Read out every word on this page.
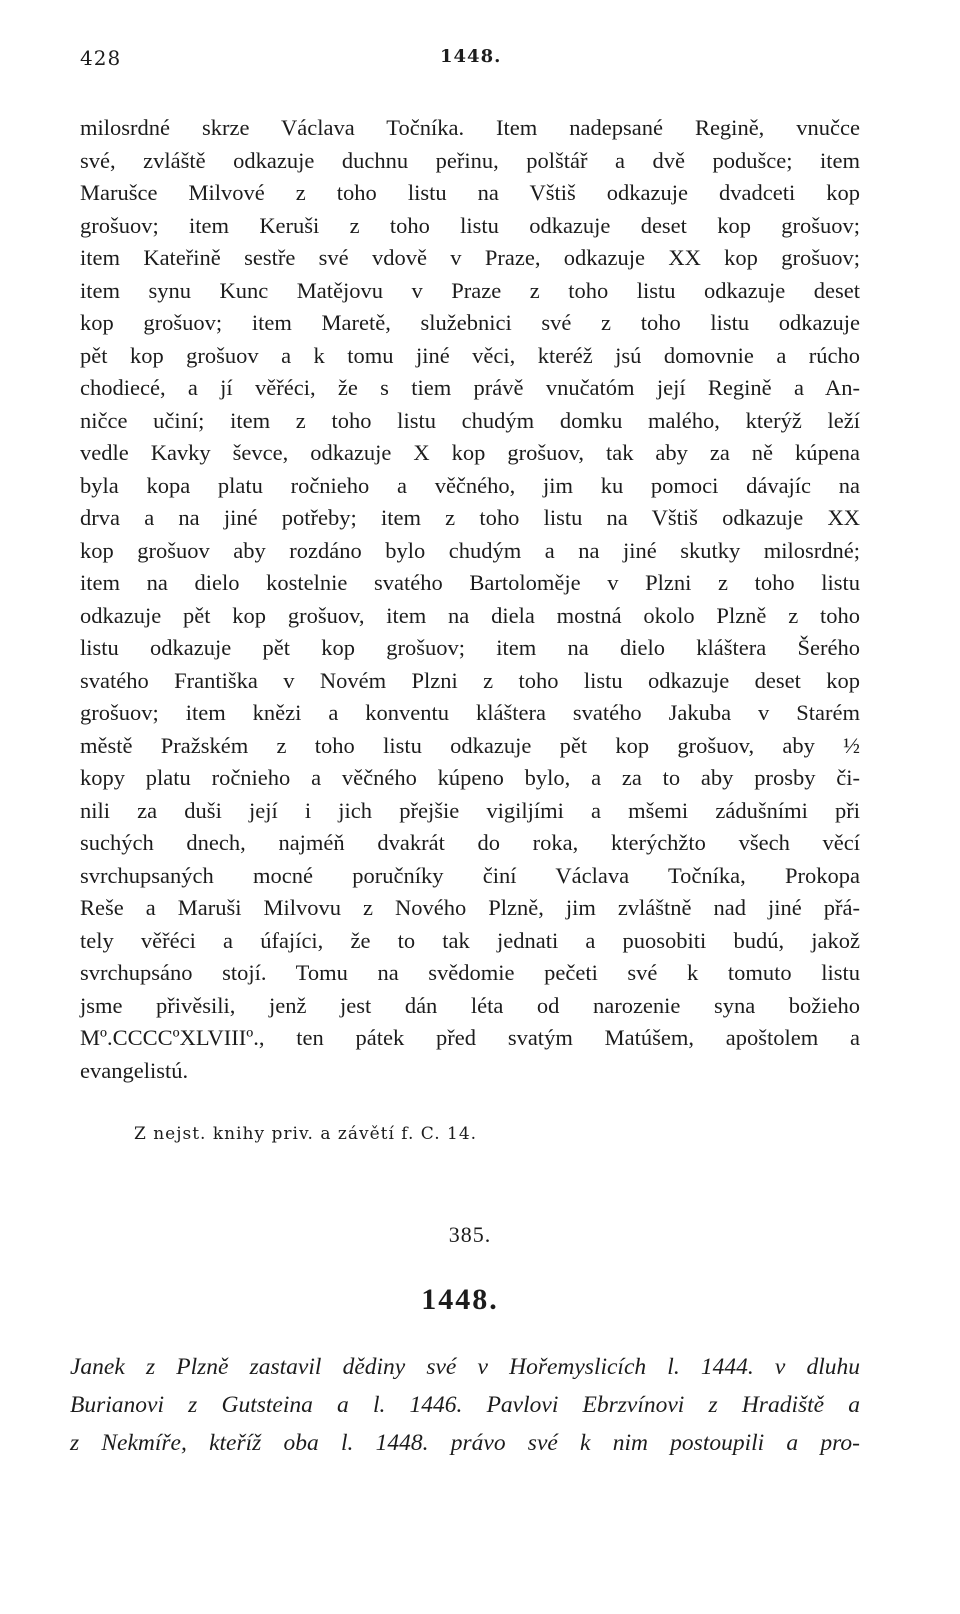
428	1448.
milosrdné skrze Václava Točníka. Item nadepsané Regině, vnučce
své, zvláště odkazuje duchnu peřinu, polštář a dvě podušce; item
Marušce Milvové z toho listu na Vštiš odkazuje dvadceti kop
grošuov; item Keruši z toho listu odkazuje deset kop grošuov;
item Kateřině sestře své vdově v Praze, odkazuje XX kop grošuov;
item synu Kunc Matějovu v Praze z toho listu odkazuje deset
kop grošuov; item Maretě, služebnici své z toho listu odkazuje
pět kop grošuov a k tomu jiné věci, kteréž jsú domovnie a rúcho
chodiecé, a jí věřéci, že s tiem právě vnučatóm její Regině a An-
ničce učiní; item z toho listu chudým domku malého, kterýž leží
vedle Kavky ševce, odkazuje X kop grošuov, tak aby za ně kúpena
byla kopa platu ročnieho a věčného, jim ku pomoci dávajíc na
drva a na jiné potřeby; item z toho listu na Vštiš odkazuje XX
kop grošuov aby rozdáno bylo chudým a na jiné skutky milosrdné;
item na dielo kostelnie svatého Bartoloměje v Plzni z toho listu
odkazuje pět kop grošuov, item na diela mostná okolo Plzně z toho
listu odkazuje pět kop grošuov; item na dielo kláštera Šerého
svatého Františka v Novém Plzni z toho listu odkazuje deset kop
grošuov; item knězi a konventu kláštera svatého Jakuba v Starém
městě Pražském z toho listu odkazuje pět kop grošuov, aby ½
kopy platu ročnieho a věčného kúpeno bylo, a za to aby prosby či-
nili za duši její i jich přejšie vigiljími a mšemi zádušními při
suchých dnech, najméň dvakrát do roka, kterýchžto všech věcí
svrchupsaných mocné poručníky činí Václava Točníka, Prokopa
Reše a Maruši Milvovu z Nového Plzně, jim zvláštně nad jiné přá-
tely věřéci a úfajíci, že to tak jednati a puosobiti budú, jakož
svrchupsáno stojí. Tomu na svědomie pečeti své k tomuto listu
jsme přivěsili, jenž jest dán léta od narozenie syna božieho
Mº.CCCCºXLVIIIº., ten pátek před svatým Matúšem, apoštolem a
evangelistú.
Z nejst. knihy priv. a závětí f. C. 14.
385.
1448.
Janek z Plzně zastavil dědiny své v Hořemyslicích l. 1444. v dluhu
Burianovi z Gutsteina a l. 1446. Pavlovi Ebrzvínovi z Hradiště a
z Nekmíře, kteříž oba l. 1448. právo své k nim postoupili a pro-
